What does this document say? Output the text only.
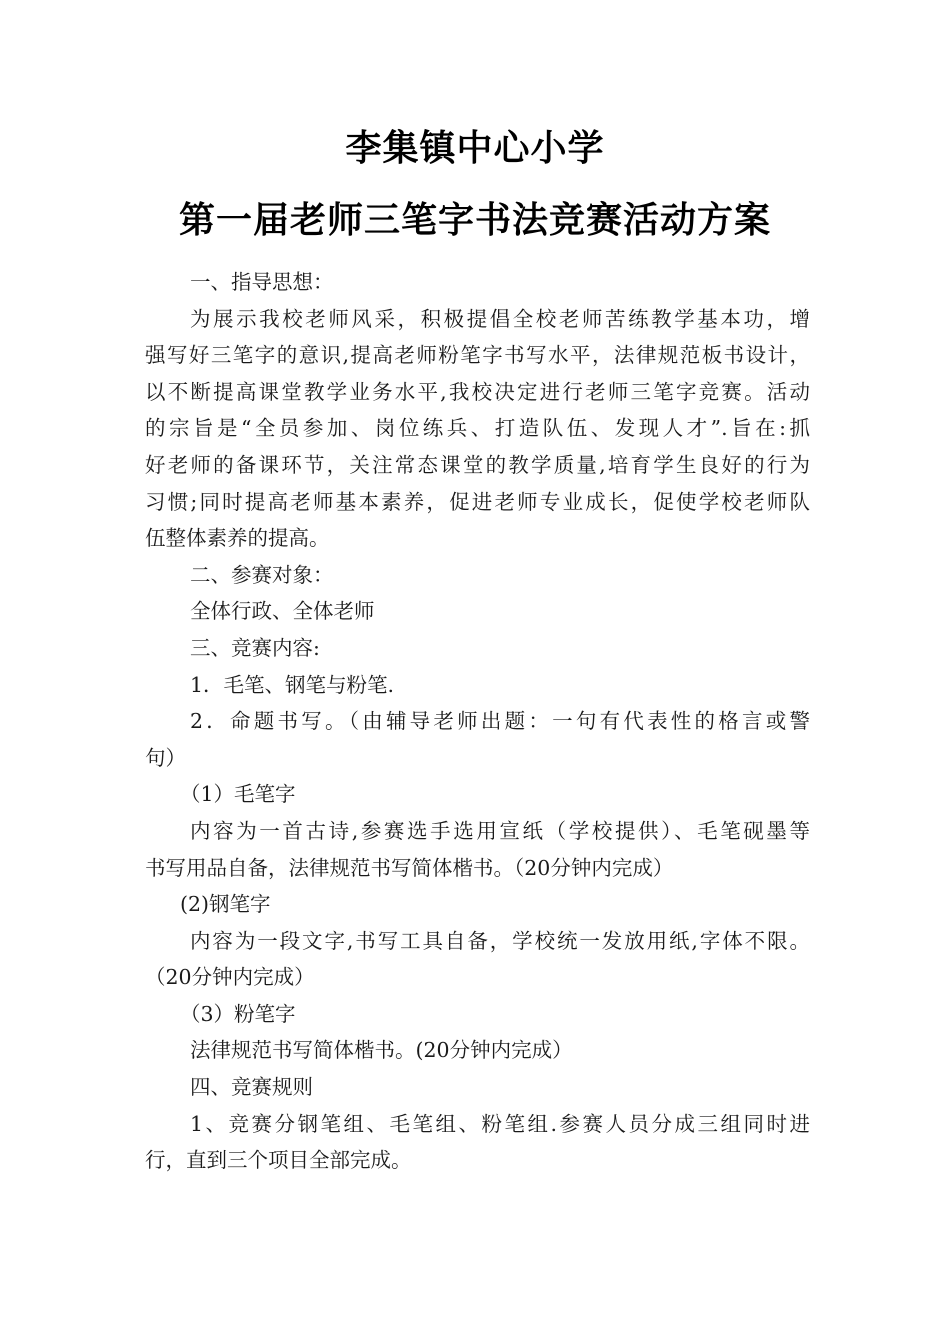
李集镇中心小学
第一届老师三笔字书法竞赛活动方案
一、指导思想：
为展示我校老师风采，积极提倡全校老师苦练教学基本功，增
强写好三笔字的意识,提高老师粉笔字书写水平，法律规范板书设计，
以不断提高课堂教学业务水平,我校决定进行老师三笔字竞赛。活动
的宗旨是“全员参加、岗位练兵、打造队伍、发现人才”.旨在:抓
好老师的备课环节，关注常态课堂的教学质量,培育学生良好的行为
习惯;同时提高老师基本素养，促进老师专业成长，促使学校老师队
伍整体素养的提高。
二、参赛对象：
全体行政、全体老师
三、竞赛内容:
1．毛笔、钢笔与粉笔.
2．命题书写。（由辅导老师出题：一句有代表性的格言或警
句）
（1）毛笔字
内容为一首古诗,参赛选手选用宣纸（学校提供）、毛笔砚墨等
书写用品自备，法律规范书写简体楷书。（20分钟内完成）
(2)钢笔字
内容为一段文字,书写工具自备，学校统一发放用纸,字体不限。
（20分钟内完成）
（3）粉笔字
法律规范书写简体楷书。(20分钟内完成）
四、竞赛规则
1、竞赛分钢笔组、毛笔组、粉笔组.参赛人员分成三组同时进
行，直到三个项目全部完成。
